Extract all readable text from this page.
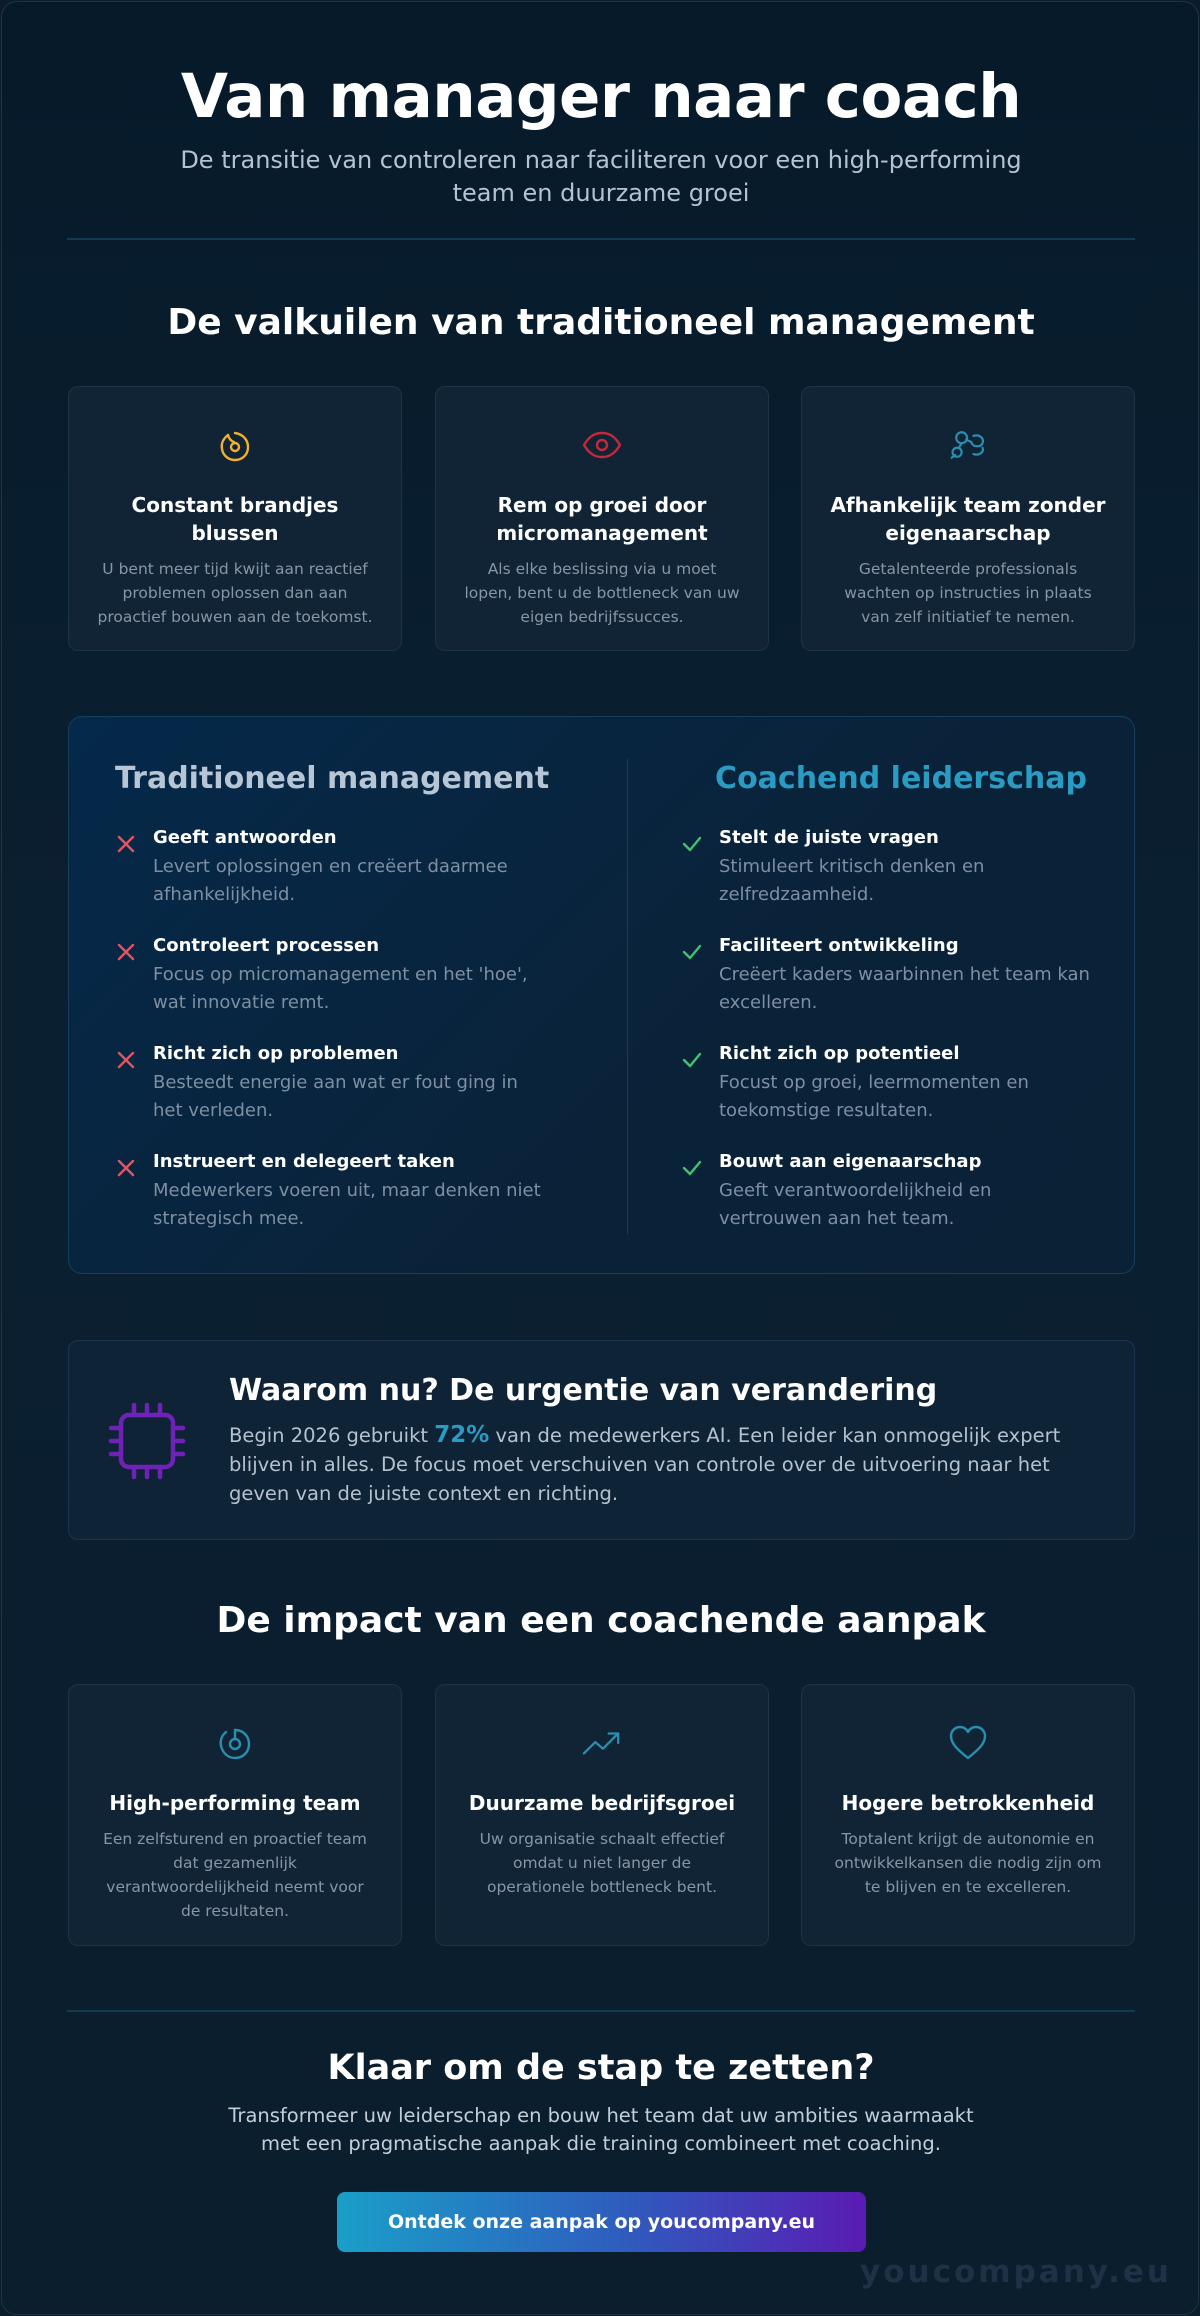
Van manager naar coach

De transitie van controleren naar faciliteren voor een high-performing team en duurzame groei

De valkuilen van traditioneel management
Constant brandjes
blussen

U bent meer tijd kwijt aan reactief
problemen oplossen dan aan
proactief bouwen aan de toekomst.

Rem op groei door
micromanagement

Als elke beslissing via u moet
lopen, bent u de bottleneck van uw
eigen bedrijfssucces.

Afhankelijk team zonder
eigenaarschap

Getalenteerde professionals
wachten op instructies in plaats
van zelf initiatief te nemen.

Traditioneel management
Geeft antwoorden
Levert oplossingen en creëert daarmee
afhankelijkheid.
Controleert processen
Focus op micromanagement en het 'hoe',
wat innovatie remt.
Richt zich op problemen
Besteedt energie aan wat er fout ging in
het verleden.
Instrueert en delegeert taken
Medewerkers voeren uit, maar denken niet
strategisch mee.
Coachend leiderschap
Stelt de juiste vragen
Stimuleert kritisch denken en
zelfredzaamheid.
Faciliteert ontwikkeling
Creëert kaders waarbinnen het team kan
excelleren.
Richt zich op potentieel
Focust op groei, leermomenten en
toekomstige resultaten.
Bouwt aan eigenaarschap
Geeft verantwoordelijkheid en
vertrouwen aan het team.
Waarom nu? De urgentie van verandering

Begin 2026 gebruikt 72% van de medewerkers AI. Een leider kan onmogelijk expert
blijven in alles. De focus moet verschuiven van controle over de uitvoering naar het
geven van de juiste context en richting.

De impact van een coachende aanpak
High-performing team

Een zelfsturend en proactief team
dat gezamenlijk
verantwoordelijkheid neemt voor
de resultaten.

Duurzame bedrijfsgroei

Uw organisatie schaalt effectief
omdat u niet langer de
operationele bottleneck bent.

Hogere betrokkenheid

Toptalent krijgt de autonomie en
ontwikkelkansen die nodig zijn om
te blijven en te excelleren.

Klaar om de stap te zetten?
Transformeer uw leiderschap en bouw het team dat uw ambities waarmaakt
met een pragmatische aanpak die training combineert met coaching.
Ontdek onze aanpak op youcompany.eu
youcompany.eu
